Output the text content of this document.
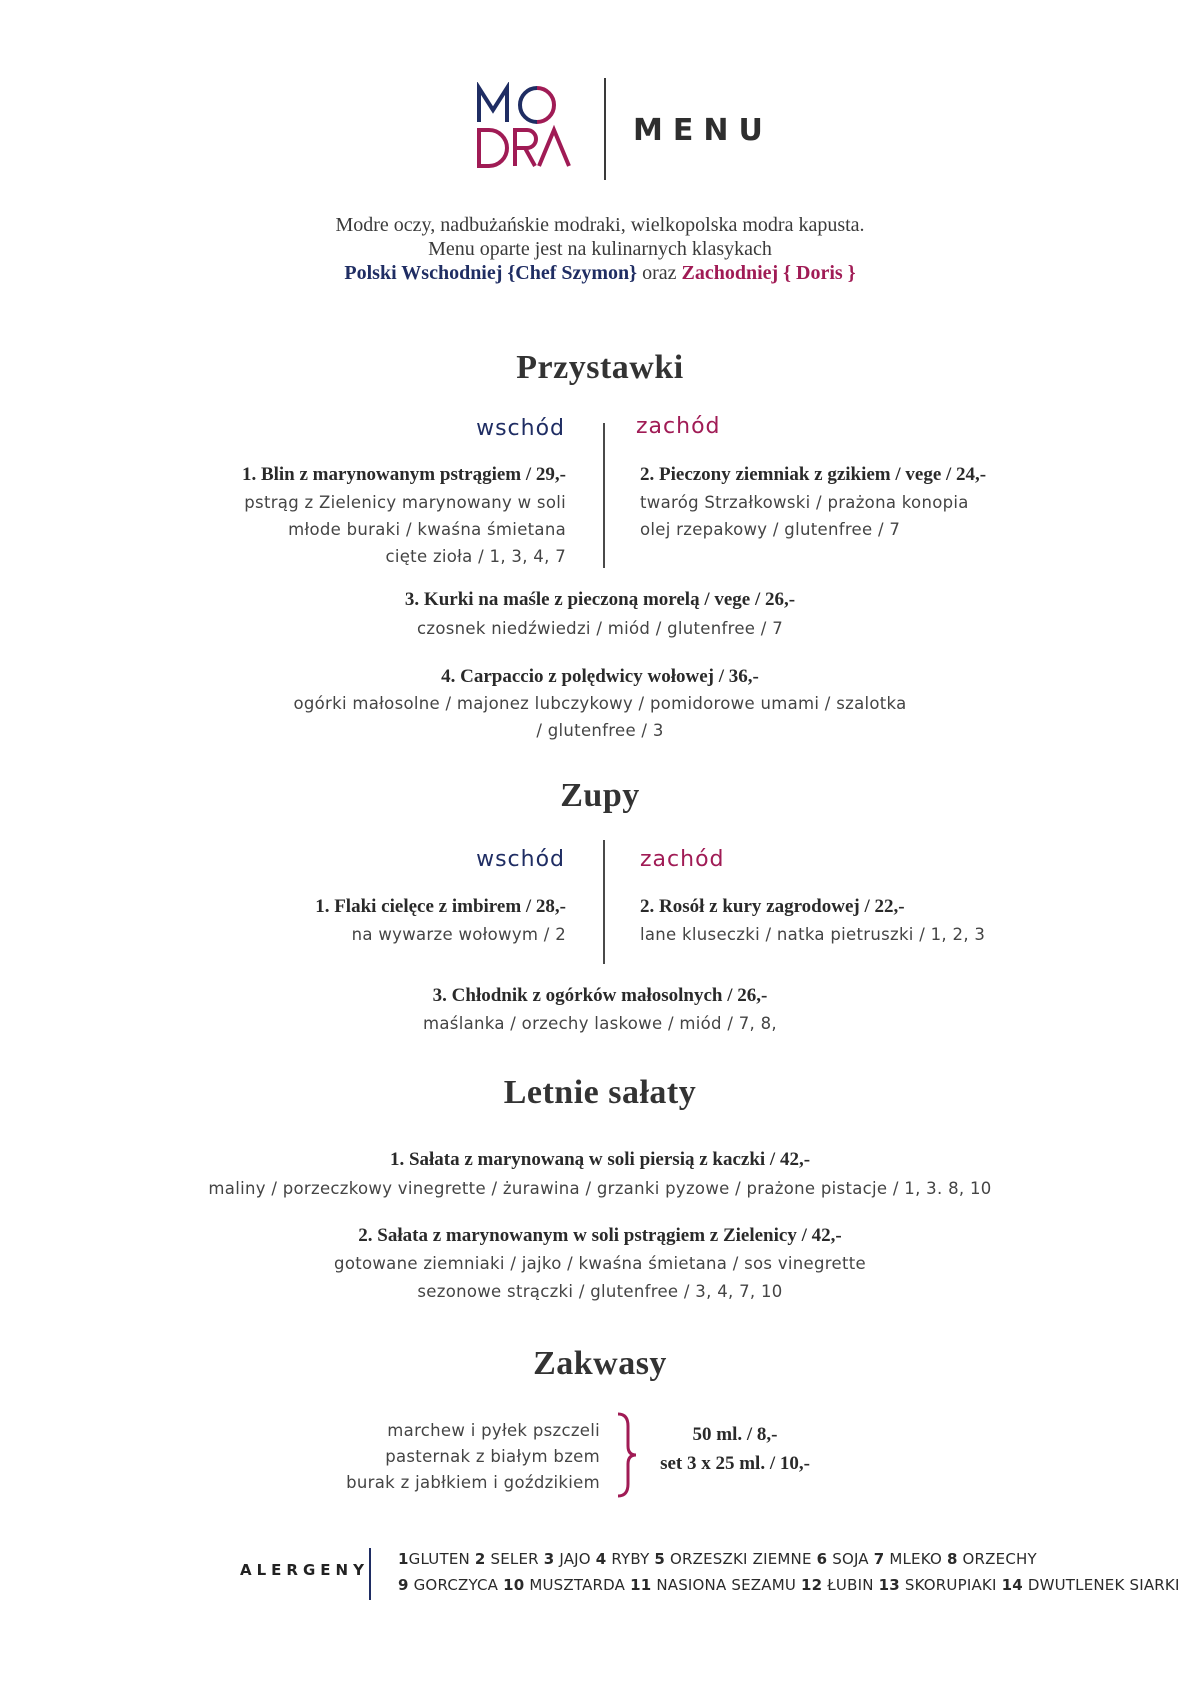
MENU
Modre oczy, nadbużańskie modraki, wielkopolska modra kapusta.
Menu oparte jest na kulinarnych klasykach
Polski Wschodniej {Chef Szymon} oraz Zachodniej { Doris }
Przystawki
wschód	zachód
1. Blin z marynowanym pstrągiem / 29,-
pstrąg z Zielenicy marynowany w soli
młode buraki / kwaśna śmietana
cięte zioła / 1, 3, 4, 7
2. Pieczony ziemniak z gzikiem / vege / 24,-
twaróg Strzałkowski / prażona konopia
olej rzepakowy / glutenfree / 7
3. Kurki na maśle z pieczoną morelą / vege / 26,-
czosnek niedźwiedzi / miód / glutenfree / 7
4. Carpaccio z polędwicy wołowej / 36,-
ogórki małosolne / majonez lubczykowy / pomidorowe umami / szalotka
/ glutenfree / 3
Zupy
wschód	zachód
1. Flaki cielęce z imbirem / 28,-
na wywarze wołowym / 2
2. Rosół z kury zagrodowej / 22,-
lane kluseczki / natka pietruszki / 1, 2, 3
3. Chłodnik z ogórków małosolnych / 26,-
maślanka / orzechy laskowe / miód / 7, 8,
Letnie sałaty
1. Sałata z marynowaną w soli piersią z kaczki / 42,-
maliny / porzeczkowy vinegrette / żurawina / grzanki pyzowe / prażone pistacje / 1, 3. 8, 10
2. Sałata z marynowanym w soli pstrągiem z Zielenicy / 42,-
gotowane ziemniaki / jajko / kwaśna śmietana / sos vinegrette
sezonowe strączki / glutenfree / 3, 4, 7, 10
Zakwasy
marchew i pyłek pszczeli
pasternak z białym bzem
burak z jabłkiem i goździkiem
50 ml. / 8,-
set 3 x 25 ml. / 10,-
ALERGENY
1GLUTEN 2 SELER 3 JAJO 4 RYBY 5 ORZESZKI ZIEMNE 6 SOJA 7 MLEKO 8 ORZECHY
9 GORCZYCA 10 MUSZTARDA 11 NASIONA SEZAMU 12 ŁUBIN 13 SKORUPIAKI 14 DWUTLENEK SIARKI
